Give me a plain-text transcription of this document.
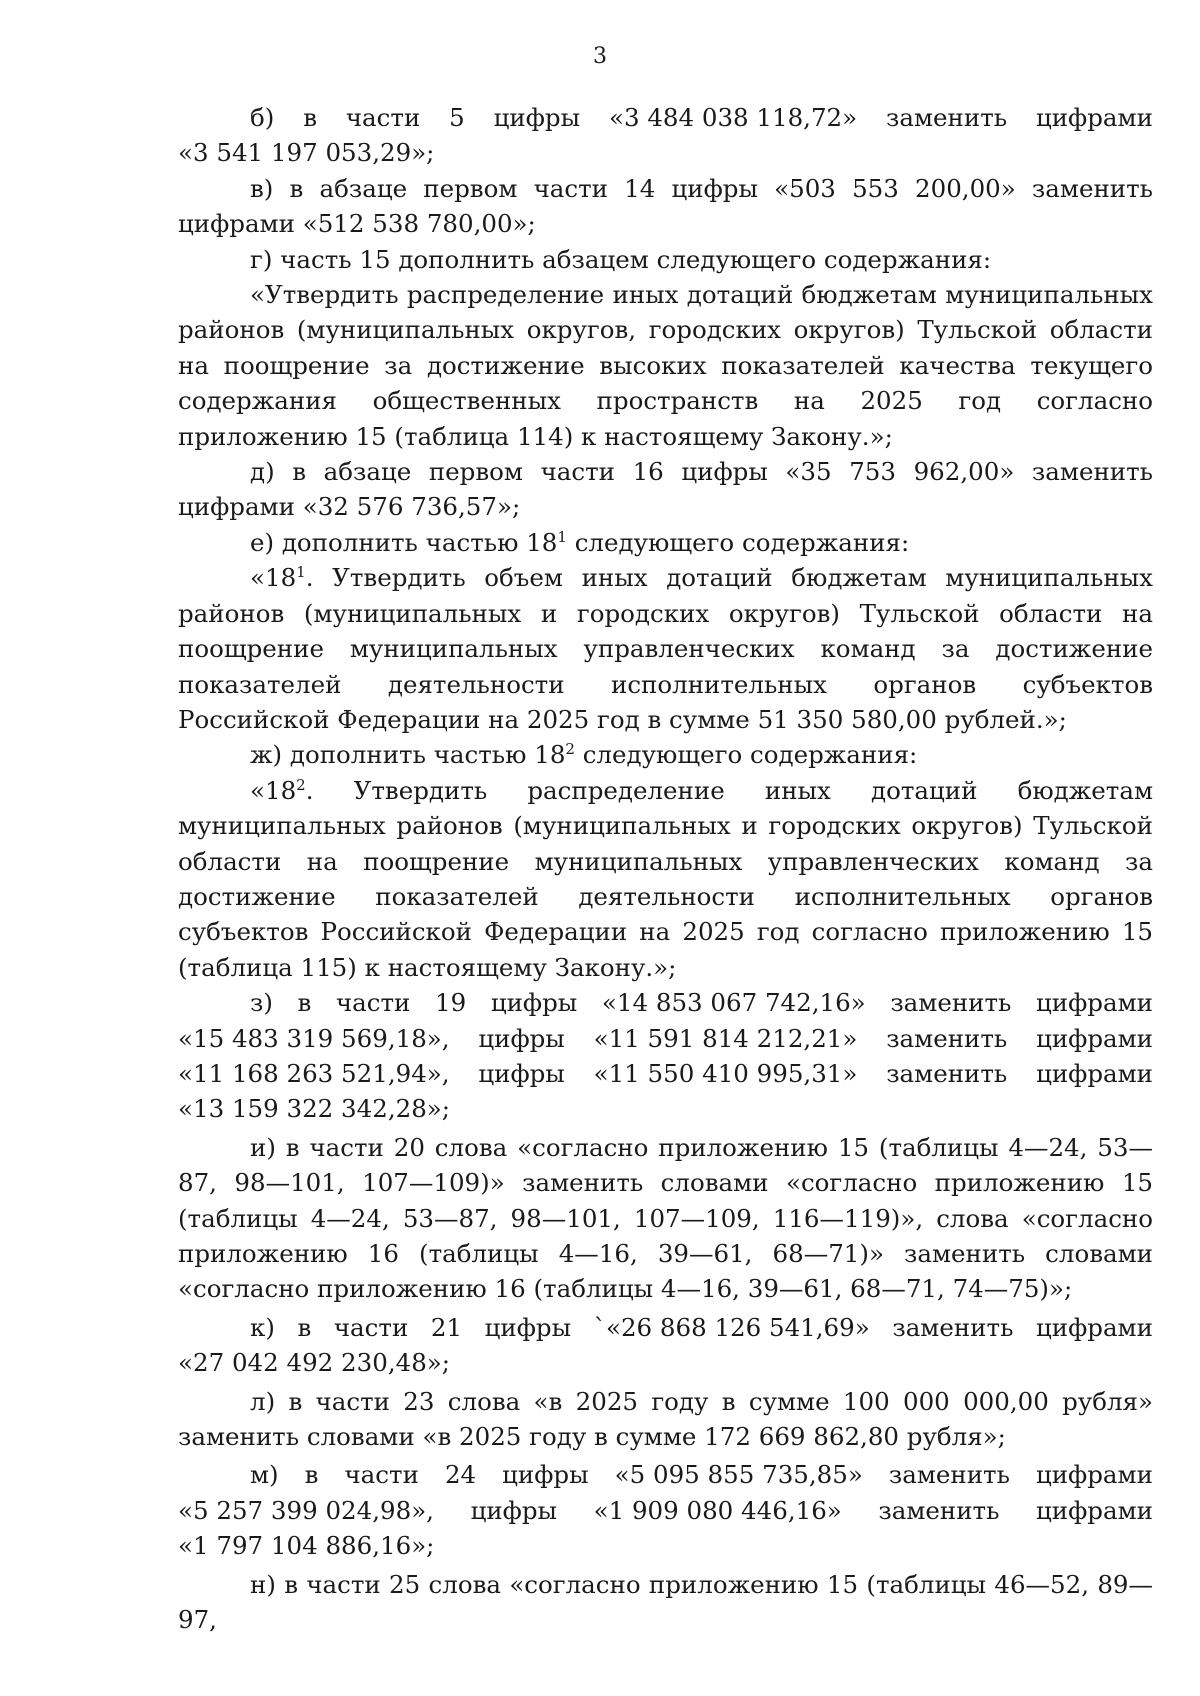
3
б) в части 5 цифры «3 484 038 118,72» заменить цифрами
«3 541 197 053,29»;

в) в абзаце первом части 14 цифры «503 553 200,00» заменить цифрами «512 538 780,00»;

г) часть 15 дополнить абзацем следующего содержания:

«Утвердить распределение иных дотаций бюджетам муниципальных районов (муниципальных округов, городских округов) Тульской области на поощрение за достижение высоких показателей качества текущего содержания общественных пространств на 2025 год согласно приложению 15 (таблица 114) к настоящему Закону.»;

д) в абзаце первом части 16 цифры «35 753 962,00» заменить цифрами «32 576 736,57»;

е) дополнить частью $18^1$ следующего содержания:

«$18^1$. Утвердить объем иных дотаций бюджетам муниципальных районов (муниципальных и городских округов) Тульской области на поощрение муниципальных управленческих команд за достижение показателей деятельности исполнительных органов субъектов Российской Федерации на 2025 год в сумме 51 350 580,00 рублей.»;

ж) дополнить частью $18^2$ следующего содержания:

«$18^2$. Утвердить распределение иных дотаций бюджетам муниципальных районов (муниципальных и городских округов) Тульской области на поощрение муниципальных управленческих команд за достижение показателей деятельности исполнительных органов субъектов Российской Федерации на 2025 год согласно приложению 15 (таблица 115) к настоящему Закону.»;

з) в части 19 цифры «14 853 067 742,16» заменить цифрами
«15 483 319 569,18», цифры «11 591 814 212,21» заменить цифрами
«11 168 263 521,94», цифры «11 550 410 995,31» заменить цифрами
«13 159 322 342,28»;

и) в части 20 слова «согласно приложению 15 (таблицы 4—24, 53—87, 98—101, 107—109)» заменить словами «согласно приложению 15 (таблицы 4—24, 53—87, 98—101, 107—109, 116—119)», слова «согласно приложению 16 (таблицы 4—16, 39—61, 68—71)» заменить словами «согласно приложению 16 (таблицы 4—16, 39—61, 68—71, 74—75)»;

к) в части 21 цифры `«26 868 126 541,69» заменить цифрами
«27 042 492 230,48»;

л) в части 23 слова «в 2025 году в сумме 100 000 000,00 рубля» заменить словами «в 2025 году в сумме 172 669 862,80 рубля»;

м) в части 24 цифры «5 095 855 735,85» заменить цифрами
«5 257 399 024,98», цифры «1 909 080 446,16» заменить цифрами
«1 797 104 886,16»;

н) в части 25 слова «согласно приложению 15 (таблицы 46—52, 89—97,
